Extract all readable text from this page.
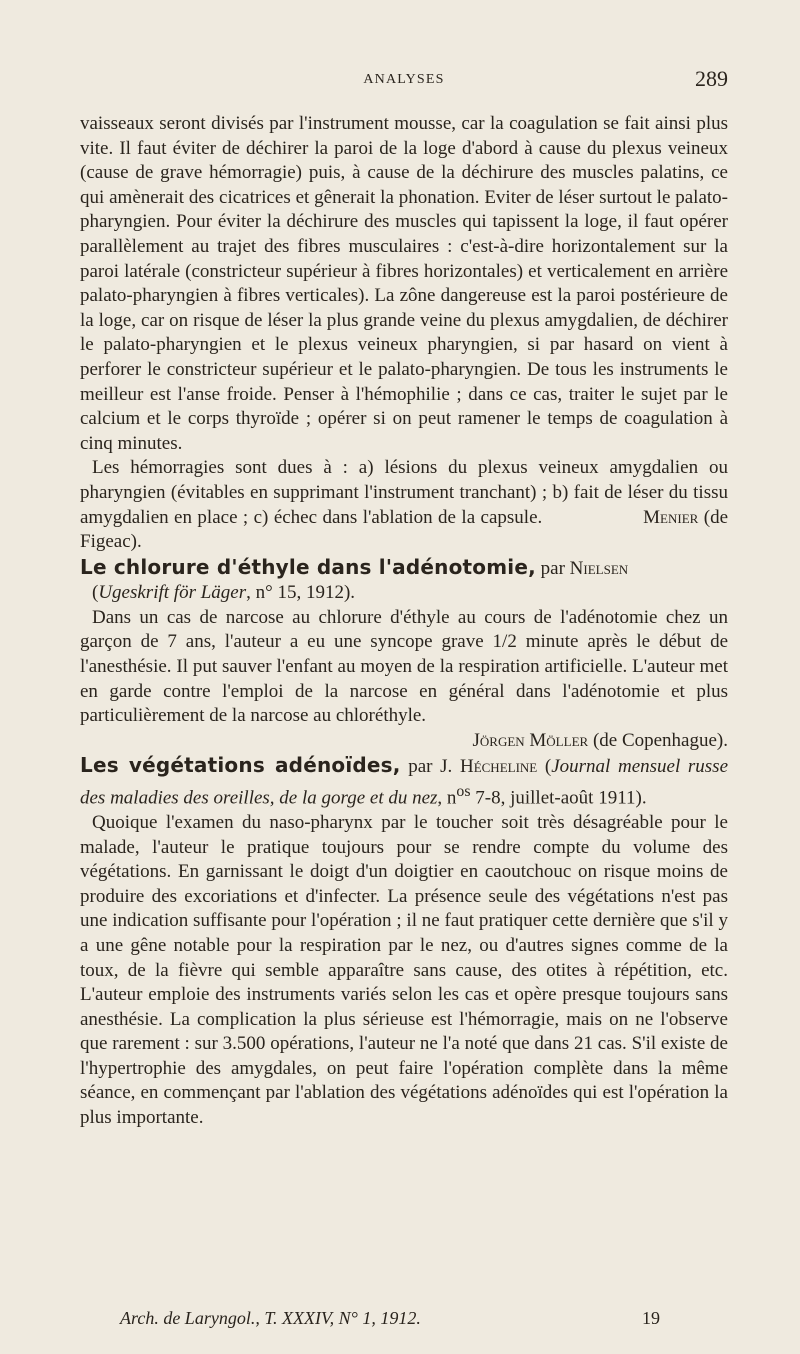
ANALYSES	289

vaisseaux seront divisés par l'instrument mousse, car la coagulation se fait ainsi plus vite. Il faut éviter de déchirer la paroi de la loge d'abord à cause du plexus veineux (cause de grave hémorragie) puis, à cause de la déchirure des muscles palatins, ce qui amènerait des cicatrices et gênerait la phonation. Eviter de léser surtout le palato-pharyngien. Pour éviter la déchirure des muscles qui tapissent la loge, il faut opérer parallèlement au trajet des fibres musculaires : c'est-à-dire horizontalement sur la paroi latérale (constricteur supérieur à fibres horizontales) et verticalement en arrière palato-pharyngien à fibres verticales). La zône dangereuse est la paroi postérieure de la loge, car on risque de léser la plus grande veine du plexus amygdalien, de déchirer le palato-pharyngien et le plexus veineux pharyngien, si par hasard on vient à perforer le constricteur supérieur et le palato-pharyngien. De tous les instruments le meilleur est l'anse froide. Penser à l'hémophilie ; dans ce cas, traiter le sujet par le calcium et le corps thyroïde ; opérer si on peut ramener le temps de coagulation à cinq minutes.

Les hémorragies sont dues à : a) lésions du plexus veineux amygdalien ou pharyngien (évitables en supprimant l'instrument tranchant) ; b) fait de léser du tissu amygdalien en place ; c) échec dans l'ablation de la capsule.	Menier (de Figeac).

Le chlorure d'éthyle dans l'adénotomie, par Nielsen

(Ugeskrift för Läger, n° 15, 1912).

Dans un cas de narcose au chlorure d'éthyle au cours de l'adénotomie chez un garçon de 7 ans, l'auteur a eu une syncope grave 1/2 minute après le début de l'anesthésie. Il put sauver l'enfant au moyen de la respiration artificielle. L'auteur met en garde contre l'emploi de la narcose en général dans l'adénotomie et plus particulièrement de la narcose au chloréthyle.

Jörgen Möller (de Copenhague).

Les végétations adénoïdes, par J. Hécheline (Journal mensuel russe des maladies des oreilles, de la gorge et du nez, $n^{os}$ 7-8, juillet-août 1911).

Quoique l'examen du naso-pharynx par le toucher soit très désagréable pour le malade, l'auteur le pratique toujours pour se rendre compte du volume des végétations. En garnissant le doigt d'un doigtier en caoutchouc on risque moins de produire des excoriations et d'infecter. La présence seule des végétations n'est pas une indication suffisante pour l'opération ; il ne faut pratiquer cette dernière que s'il y a une gêne notable pour la respiration par le nez, ou d'autres signes comme de la toux, de la fièvre qui semble apparaître sans cause, des otites à répétition, etc. L'auteur emploie des instruments variés selon les cas et opère presque toujours sans anesthésie. La complication la plus sérieuse est l'hémorragie, mais on ne l'observe que rarement : sur 3.500 opérations, l'auteur ne l'a noté que dans 21 cas. S'il existe de l'hypertrophie des amygdales, on peut faire l'opération complète dans la même séance, en commençant par l'ablation des végétations adénoïdes qui est l'opération la plus importante.

Arch. de Laryngol., T. XXXIV, N° 1, 1912.	19
